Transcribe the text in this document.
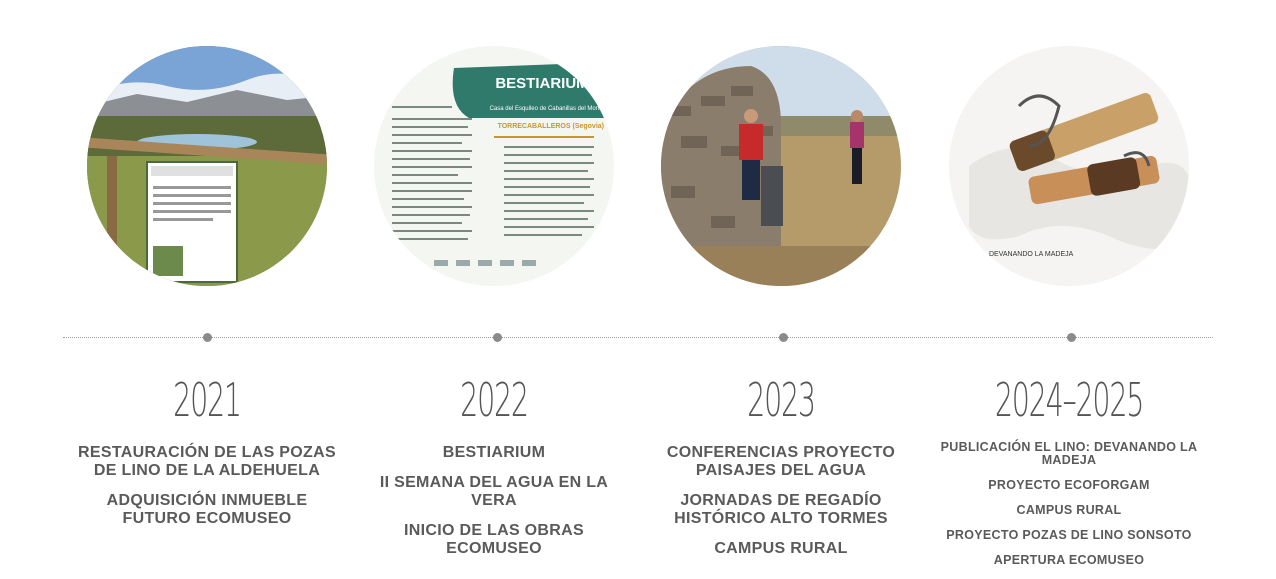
2021
RESTAURACIÓN DE LAS POZAS DE LINO DE LA ALDEHUELA
ADQUISICIÓN INMUEBLE FUTURO ECOMUSEO
BESTIARIUM
Casa del Esquileo de Cabanillas del Monte
TORRECABALLEROS (Segovia)
2022
BESTIARIUM
II SEMANA DEL AGUA EN LA VERA
INICIO DE LAS OBRAS ECOMUSEO
2023
CONFERENCIAS PROYECTO PAISAJES DEL AGUA
JORNADAS DE REGADÍO HISTÓRICO ALTO TORMES
CAMPUS RURAL
DEVANANDO LA MADEJA
2024–2025
PUBLICACIÓN EL LINO: DEVANANDO LA MADEJA
PROYECTO ECOFORGAM
CAMPUS RURAL
PROYECTO POZAS DE LINO SONSOTO
APERTURA ECOMUSEO
